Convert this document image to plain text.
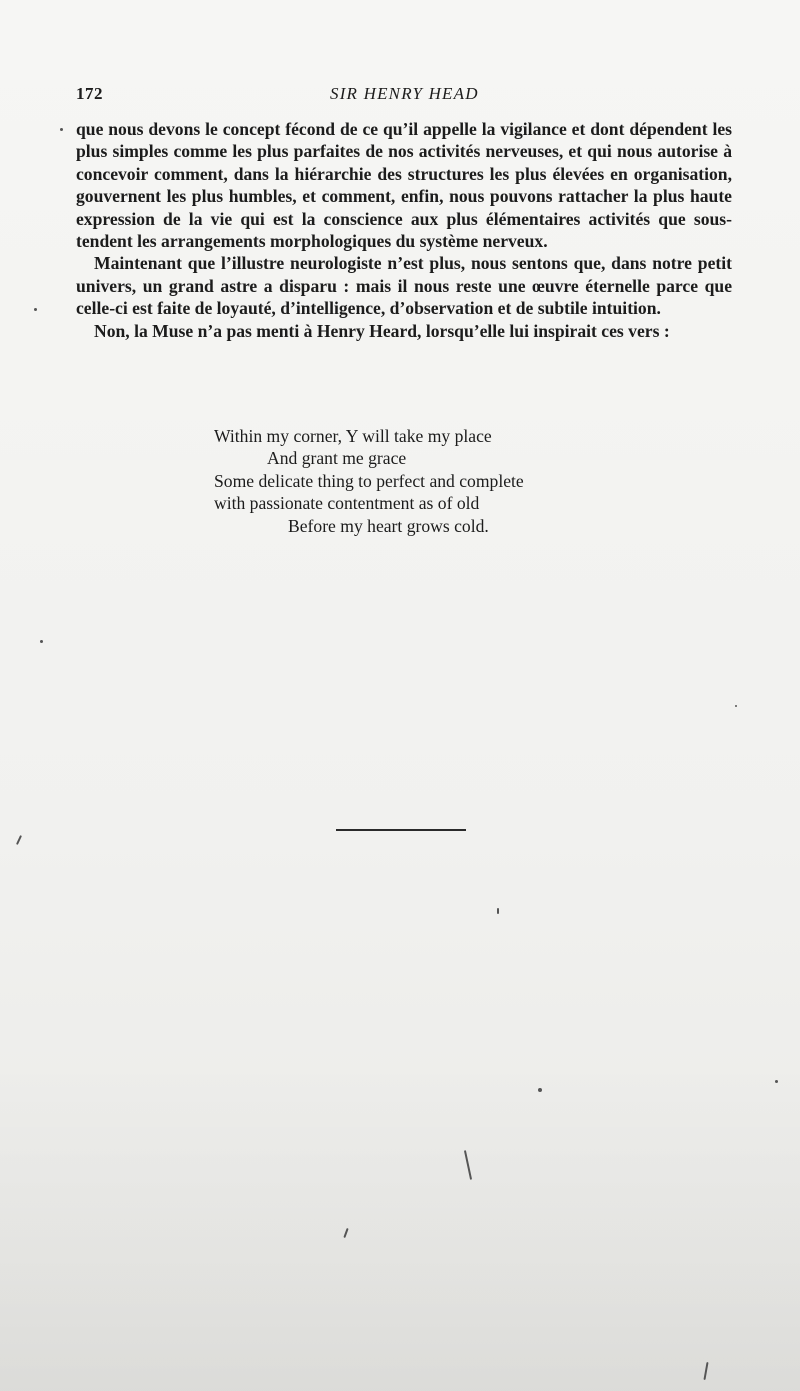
172	SIR HENRY HEAD

que nous devons le concept fécond de ce qu’il appelle la vigilance et dont dépendent les plus simples comme les plus parfaites de nos activités nerveuses, et qui nous autorise à concevoir comment, dans la hiérarchie des structures les plus élevées en organisation, gouvernent les plus humbles, et comment, enfin, nous pouvons rattacher la plus haute expression de la vie qui est la conscience aux plus élémentaires activités que sous-tendent les arrangements morphologiques du système nerveux.

Maintenant que l’illustre neurologiste n’est plus, nous sentons que, dans notre petit univers, un grand astre a disparu : mais il nous reste une œuvre éternelle parce que celle-ci est faite de loyauté, d’intelligence, d’observation et de subtile intuition.

Non, la Muse n’a pas menti à Henry Heard, lorsqu’elle lui inspirait ces vers :

Within my corner, Y will take my place
And grant me grace
Some delicate thing to perfect and complete
with passionate contentment as of old
Before my heart grows cold.
